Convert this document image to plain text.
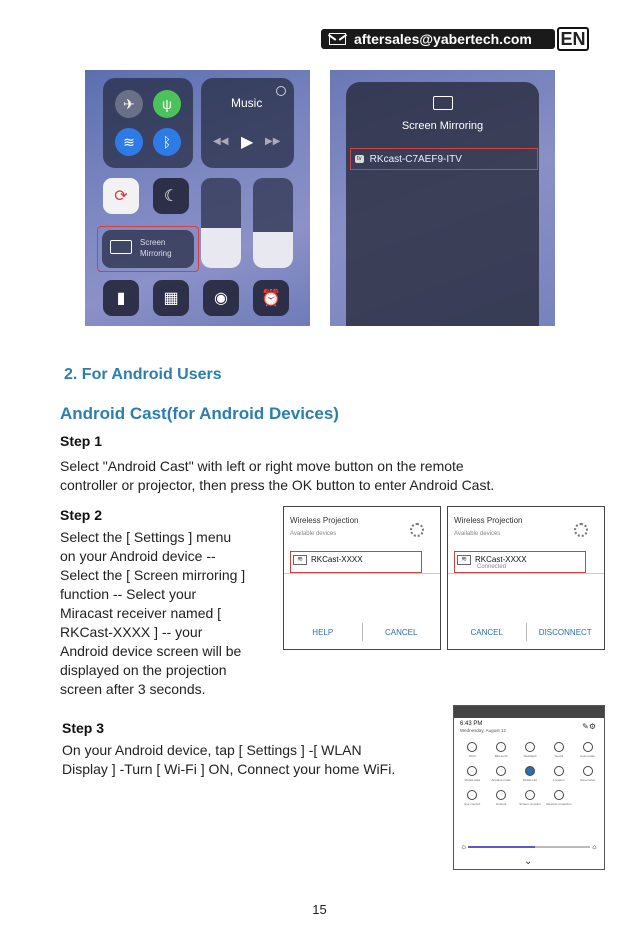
aftersales@yabertech.com EN
✈	ψ
≋	ᛒ
Music
◀◀ ▶ ▶▶
⟳	☾
Screen
Mirroring
▮	▦	◉	⏰
Screen Mirroring
tv RKcast-C7AEF9-ITV
2. For Android Users
Android Cast(for Android Devices)
Step 1
Select "Android Cast" with left or right move button on the remote
controller or projector, then press the OK button to enter Android Cast.
Step 2
Select the [ Settings ] menu
on your Android device --
Select the [ Screen mirroring ]
function -- Select your
Miracast receiver named [
RKCast-XXXX ] -- your
Android device screen will be
displayed on the projection
screen after 3 seconds.
Wireless Projection
Available devices
≋	RKCast-XXXX
HELP	CANCEL
Wireless Projection
Available devices
≋	RKCast-XXXX
Connected
CANCEL	DISCONNECT
Step 3
On your Android device, tap [ Settings ] -[ WLAN
Display ] -Turn [ Wi-Fi ] ON, Connect your home WiFi.
6:43 PM
Wednesday, August 12	✎⚙
Wi-Fi	Bluetooth	Flashlight	Sound	Auto-rotate
Mobile data	Airplane mode	Mobile Hot	Location	Screenshot
Eye comfort	Hotspot	Screen recorder Wireless projection
☼	☼
⌄
15
